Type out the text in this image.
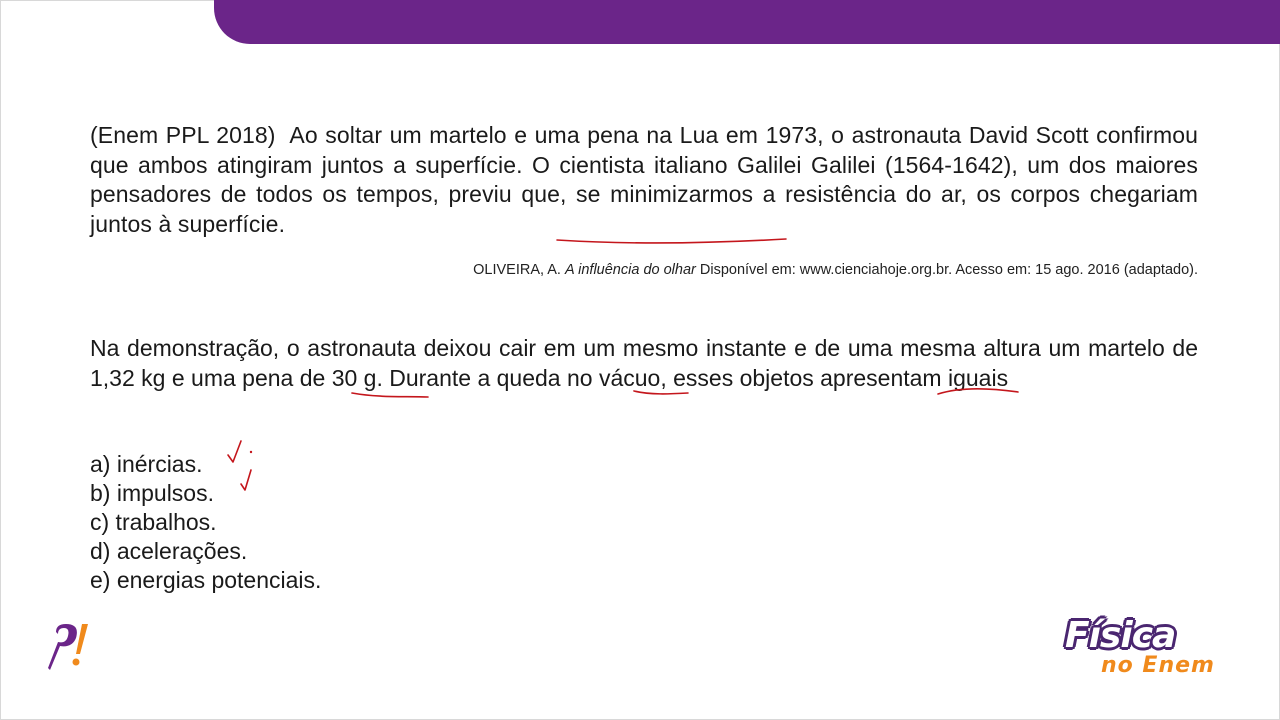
(Enem PPL 2018) Ao soltar um martelo e uma pena na Lua em 1973, o astronauta David Scott confirmou que ambos atingiram juntos a superfície. O cientista italiano Galilei Galilei (1564-1642), um dos maiores pensadores de todos os tempos, previu que, se minimizarmos a resistência do ar, os corpos chegariam juntos à superfície.
OLIVEIRA, A. A influência do olhar Disponível em: www.cienciahoje.org.br. Acesso em: 15 ago. 2016 (adaptado).
Na demonstração, o astronauta deixou cair em um mesmo instante e de uma mesma altura um martelo de 1,32 kg e uma pena de 30 g. Durante a queda no vácuo, esses objetos apresentam iguais
a) inércias.
b) impulsos.
c) trabalhos.
d) acelerações.
e) energias potenciais.
Física
no Enem
